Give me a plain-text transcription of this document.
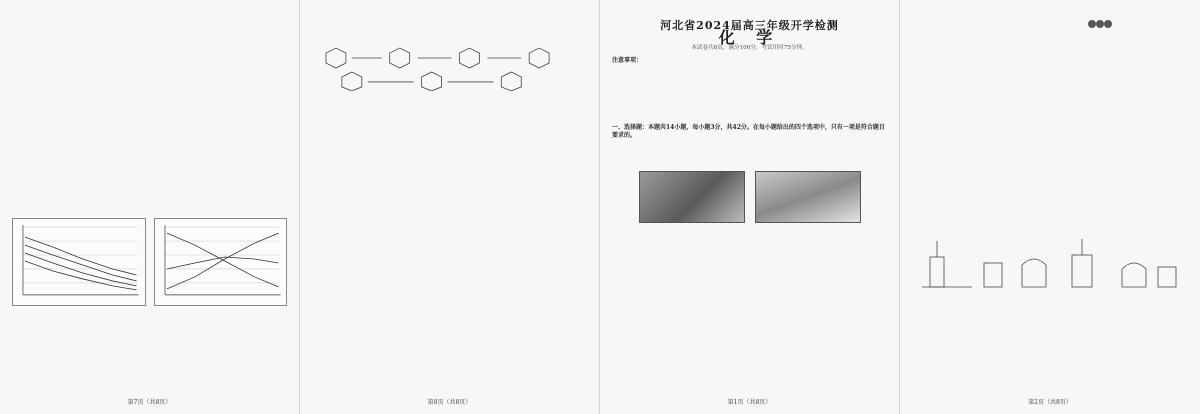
第7页（共8页）	第8页（共8页）
河北省2024届高三年级开学检测
化 学
本试卷共8页，满分100分，考试用时75分钟。
注意事项：

一、选择题：本题共14小题，每小题3分，共42分。在每小题给出的四个选项中，只有一项是符合题目要求的。

第1页（共8页）	第2页（共8页）
